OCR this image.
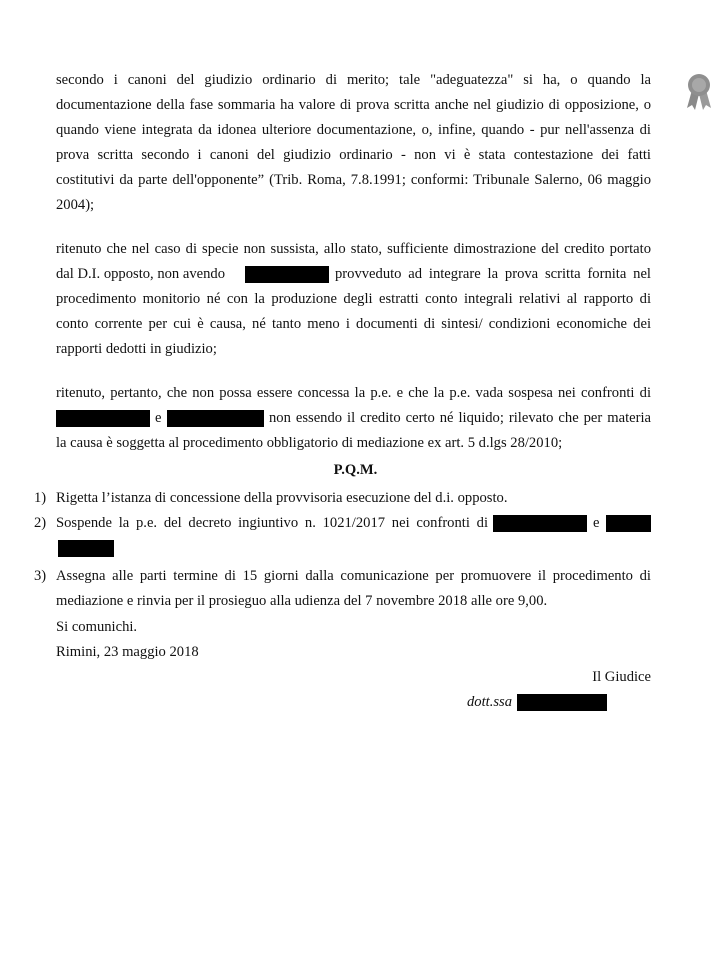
secondo i canoni del giudizio ordinario di merito; tale "adeguatezza" si ha, o quando la
documentazione della fase sommaria ha valore di prova scritta anche nel giudizio di opposizione, o
quando viene integrata da idonea ulteriore documentazione, o, infine, quando - pur nell'assenza di
prova scritta secondo i canoni del giudizio ordinario - non vi è stata contestazione dei fatti
costitutivi da parte dell'opponente” (Trib. Roma, 7.8.1991; conformi: Tribunale Salerno, 06 maggio
2004);
ritenuto che nel caso di specie non sussista, allo stato, sufficiente dimostrazione del credito portato
dal D.I. opposto, non avendo	provveduto ad integrare la prova scritta fornita nel
procedimento monitorio né con la produzione degli estratti conto integrali relativi al rapporto di
conto corrente per cui è causa, né tanto meno i documenti di sintesi/ condizioni economiche dei
rapporti dedotti in giudizio;
ritenuto, pertanto, che non possa essere concessa la p.e. e che la p.e. vada sospesa nei confronti di
e	non essendo il credito certo né liquido; rilevato che per materia
la causa è soggetta al procedimento obbligatorio di mediazione ex art. 5 d.lgs 28/2010;
P.Q.M.
1) Rigetta l’istanza di concessione della provvisoria esecuzione del d.i. opposto.
2) Sospende la p.e. del decreto ingiuntivo n. 1021/2017 nei confronti di	e
3) Assegna alle parti termine di 15 giorni dalla comunicazione per promuovere il procedimento di
mediazione e rinvia per il prosieguo alla udienza del 7 novembre 2018 alle ore 9,00.
Si comunichi.
Rimini, 23 maggio 2018
Il Giudice
dott.ssa
